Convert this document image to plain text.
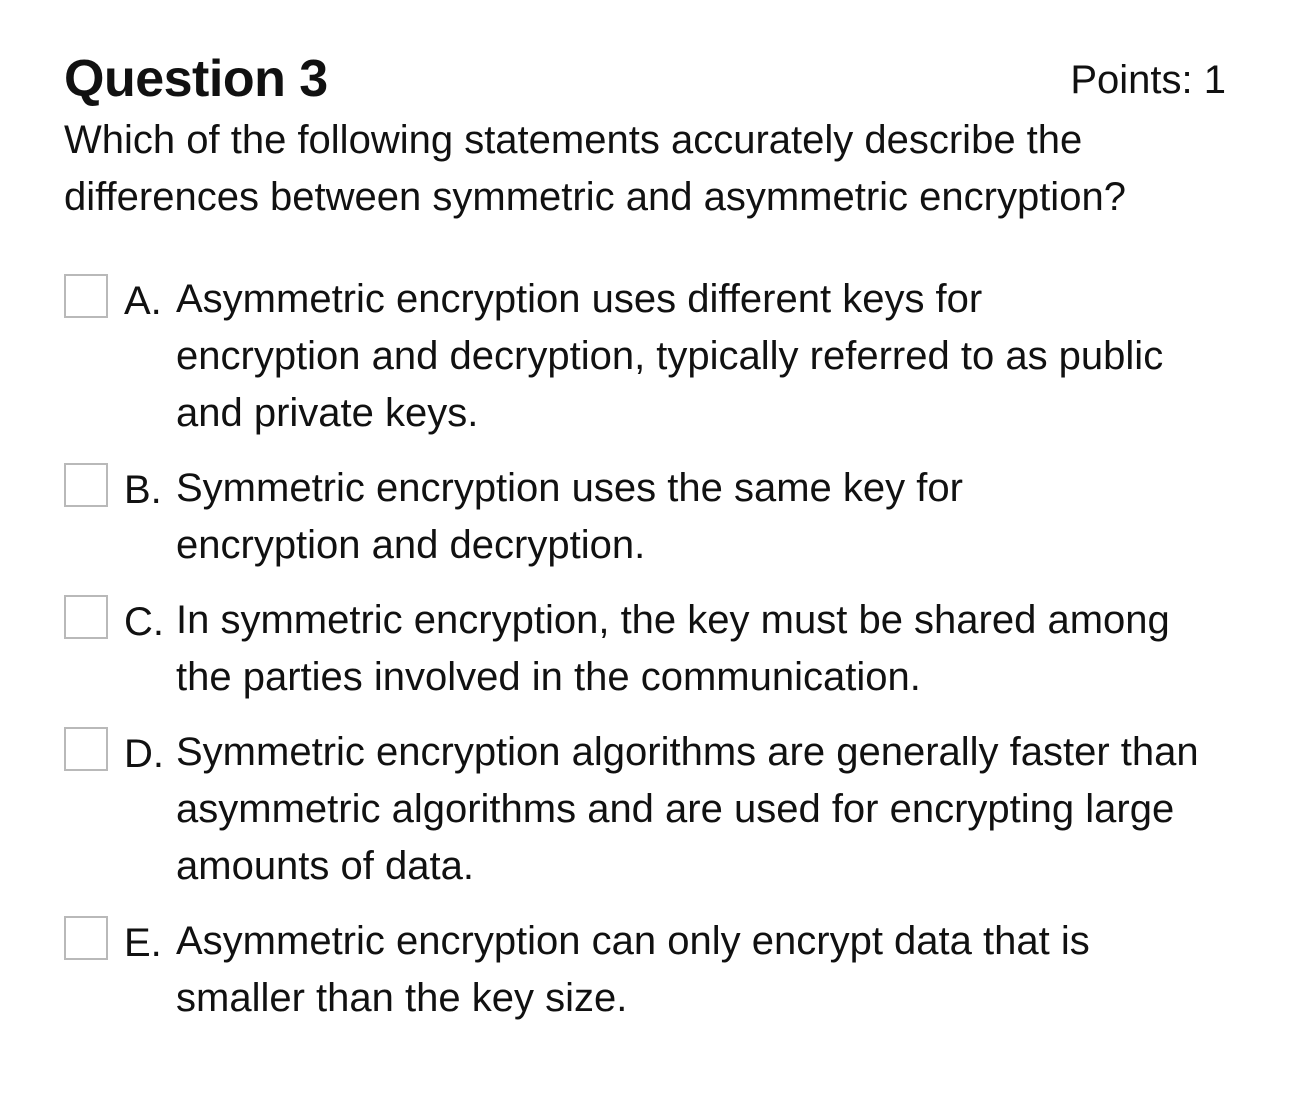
Question 3	Points: 1
Which of the following statements accurately describe the differences between symmetric and asymmetric encryption?
A. Asymmetric encryption uses different keys for encryption and decryption, typically referred to as public and private keys.
B. Symmetric encryption uses the same key for encryption and decryption.
C. In symmetric encryption, the key must be shared among the parties involved in the communication.
D. Symmetric encryption algorithms are generally faster than asymmetric algorithms and are used for encrypting large amounts of data.
E. Asymmetric encryption can only encrypt data that is smaller than the key size.
